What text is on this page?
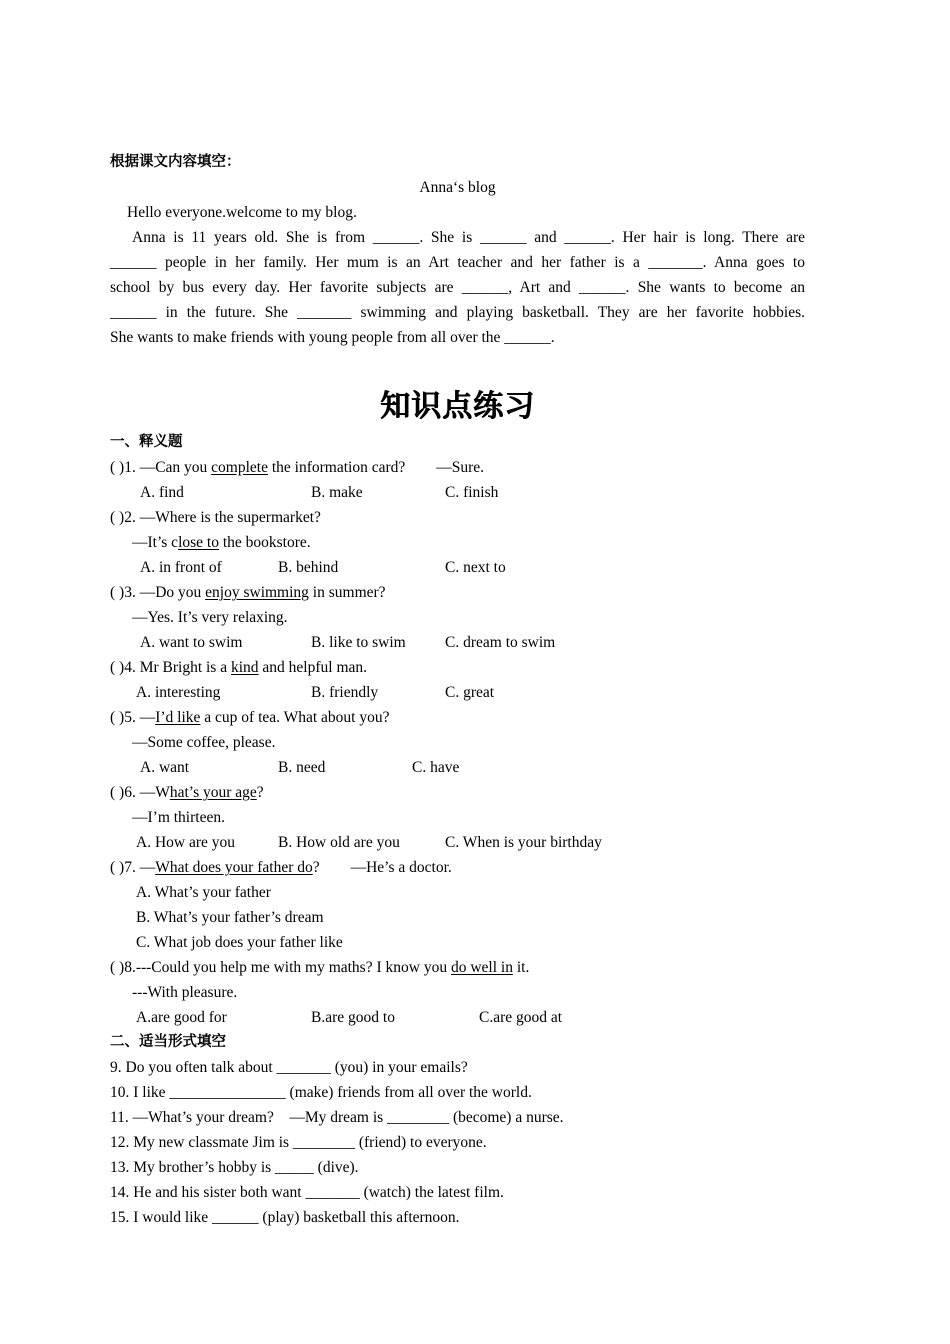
根据课文内容填空：
Anna‘s blog
Hello everyone.welcome to my blog.
Anna is 11 years old. She is from ______. She is ______ and ______. Her hair is long. There are
______ people in her family. Her mum is an Art teacher and her father is a _______. Anna goes to
school by bus every day. Her favorite subjects are ______, Art and ______. She wants to become an
______ in the future. She _______ swimming and playing basketball. They are her favorite hobbies.
She wants to make friends with young people from all over the ______.
知识点练习
一、释义题
( )1. —Can you complete the information card?        —Sure.
A. find	B. make	C. finish
( )2. —Where is the supermarket?
—It’s close to the bookstore.
A. in front of	B. behind	C. next to
( )3. —Do you enjoy swimming in summer?
—Yes. It’s very relaxing.
A. want to swim	B. like to swim	C. dream to swim
( )4. Mr Bright is a kind and helpful man.
A. interesting	B. friendly	C. great
( )5. —I’d like a cup of tea. What about you?
—Some coffee, please.
A. want	B. need	C. have
( )6. —What’s your age?
—I’m thirteen.
A. How are you	B. How old are you	C. When is your birthday
( )7. —What does your father do?        —He’s a doctor.
A. What’s your father
B. What’s your father’s dream
C. What job does your father like
( )8.---Could you help me with my maths? I know you do well in it.
---With pleasure.
A.are good for	B.are good to	C.are good at
二、适当形式填空
9. Do you often talk about _______ (you) in your emails?
10. I like _______________ (make) friends from all over the world.
11. —What’s your dream?    —My dream is ________ (become) a nurse.
12. My new classmate Jim is ________ (friend) to everyone.
13. My brother’s hobby is _____ (dive).
14. He and his sister both want _______ (watch) the latest film.
15. I would like ______ (play) basketball this afternoon.
